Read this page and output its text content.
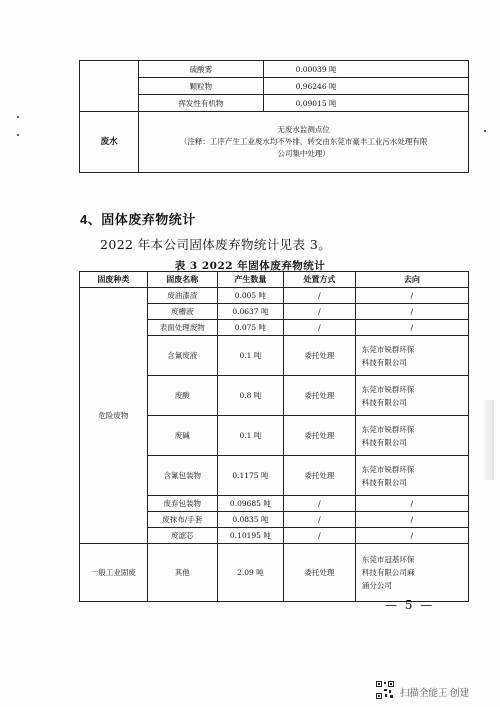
	硫酸雾	0.00039 吨
	颗粒物	0.96246 吨
	挥发性有机物	0.09015 吨
废水	无废水监测点位
（注释：工序产生工业废水均不外排，转交由东莞市豪丰工业污水处理有限
公司集中处理）	
4、固体废弃物统计
2022 年本公司固体废弃物统计见表 3。
表 3 2022 年固体废弃物统计
固废种类	固废名称	产生数量	处置方式	去向
危险废物	废油漆渣	0.005 吨	/	/
	废槽液	0.0637 吨	/	/
	表面处理废物	0.075 吨	/	/
	含氰废液	0.1 吨	委托处理	东莞市锐群环保
科技有限公司

	废酸	0.8 吨	委托处理	东莞市锐群环保
科技有限公司

	废碱	0.1 吨	委托处理	东莞市锐群环保
科技有限公司

	含氰包装物	0.1175 吨	委托处理	东莞市锐群环保
科技有限公司

	废弃包装物	0.09685 吨	/	/
	废抹布/手套	0.0835 吨	/	/
	废滤芯	0.10195 吨	/	/
一般工业固废	其他	2.09 吨	委托处理	东莞市冠基环保
科技有限公司麻
涌分公司
— 5 —
扫描全能王 创建
